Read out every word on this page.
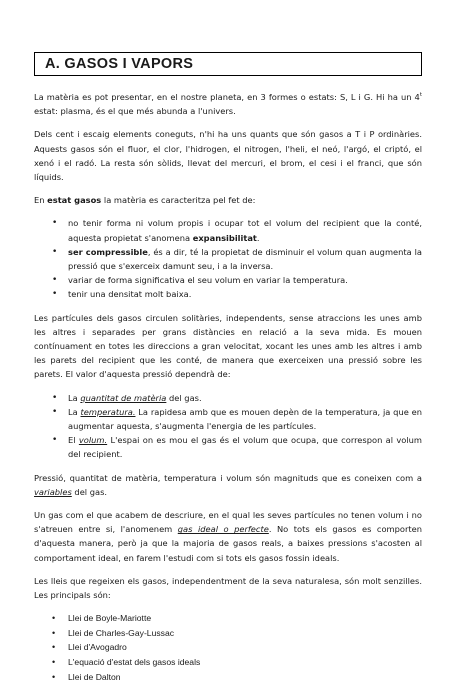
A. GASOS I VAPORS

La matèria es pot presentar, en el nostre planeta, en 3 formes o estats: S, L i G. Hi ha un 4$^t$ estat: plasma, és el que més abunda a l'univers.

Dels cent i escaig elements coneguts, n'hi ha uns quants que són gasos a T i P ordinàries. Aquests gasos són el fluor, el clor, l'hidrogen, el nitrogen, l'heli, el neó, l'argó, el criptó, el xenó i el radó. La resta són sòlids, llevat del mercuri, el brom, el cesi i el franci, que són líquids.

En estat gasos la matèria es caracteritza pel fet de:

• no tenir forma ni volum propis i ocupar tot el volum del recipient que la conté, aquesta propietat s'anomena expansibilitat.
• ser compressible, és a dir, té la propietat de disminuir el volum quan augmenta la pressió que s'exerceix damunt seu, i a la inversa.
• variar de forma significativa el seu volum en variar la temperatura.
• tenir una densitat molt baixa.

Les partícules dels gasos circulen solitàries, independents, sense atraccions les unes amb les altres i separades per grans distàncies en relació a la seva mida. Es mouen contínuament en totes les direccions a gran velocitat, xocant les unes amb les altres i amb les parets del recipient que les conté, de manera que exerceixen una pressió sobre les parets. El valor d'aquesta pressió dependrà de:

• La quantitat de matèria del gas.
• La temperatura. La rapidesa amb que es mouen depèn de la temperatura, ja que en augmentar aquesta, s'augmenta l'energia de les partícules.
• El volum. L'espai on es mou el gas és el volum que ocupa, que correspon al volum del recipient.

Pressió, quantitat de matèria, temperatura i volum són magnituds que es coneixen com a variables del gas.

Un gas com el que acabem de descriure, en el qual les seves partícules no tenen volum i no s'atreuen entre si, l'anomenem gas ideal o perfecte. No tots els gasos es comporten d'aquesta manera, però ja que la majoria de gasos reals, a baixes pressions s'acosten al comportament ideal, en farem l'estudi com si tots els gasos fossin ideals.

Les lleis que regeixen els gasos, independentment de la seva naturalesa, són molt senzilles. Les principals són:

• Llei de Boyle-Mariotte
• Llei de Charles-Gay-Lussac
• Llei d'Avogadro
• L'equació d'estat dels gasos ideals
• Llei de Dalton
